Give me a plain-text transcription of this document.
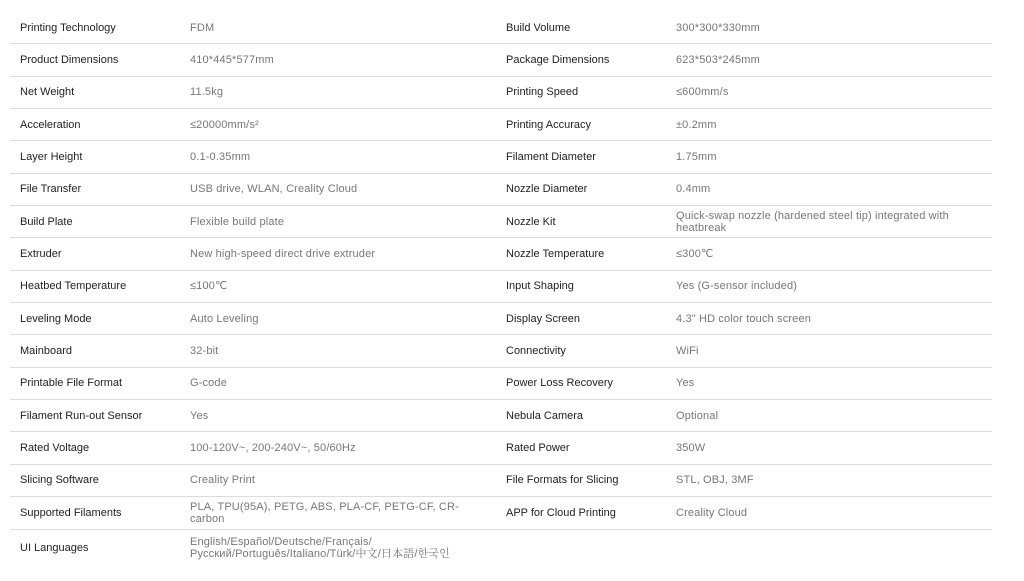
Printing Technology	FDM	Build Volume	300*300*330mm
Product Dimensions	410*445*577mm	Package Dimensions	623*503*245mm
Net Weight	11.5kg	Printing Speed	≤600mm/s
Acceleration	≤20000mm/s²	Printing Accuracy	±0.2mm
Layer Height	0.1-0.35mm	Filament Diameter	1.75mm
File Transfer	USB drive, WLAN, Creality Cloud	Nozzle Diameter	0.4mm
Build Plate	Flexible build plate	Nozzle Kit	Quick-swap nozzle (hardened steel tip) integrated with heatbreak
Extruder	New high-speed direct drive extruder	Nozzle Temperature	≤300℃
Heatbed Temperature	≤100℃	Input Shaping	Yes (G-sensor included)
Leveling Mode	Auto Leveling	Display Screen	4.3" HD color touch screen
Mainboard	32-bit	Connectivity	WiFi
Printable File Format	G-code	Power Loss Recovery	Yes
Filament Run-out Sensor	Yes	Nebula Camera	Optional
Rated Voltage	100-120V~, 200-240V~, 50/60Hz	Rated Power	350W
Slicing Software	Creality Print	File Formats for Slicing	STL, OBJ, 3MF
Supported Filaments	PLA, TPU(95A), PETG, ABS, PLA-CF, PETG-CF, CR-carbon	APP for Cloud Printing	Creality Cloud
UI Languages	English/Español/Deutsche/Français/Русский/Português/Italiano/Türk/中文/日本語/한국인
